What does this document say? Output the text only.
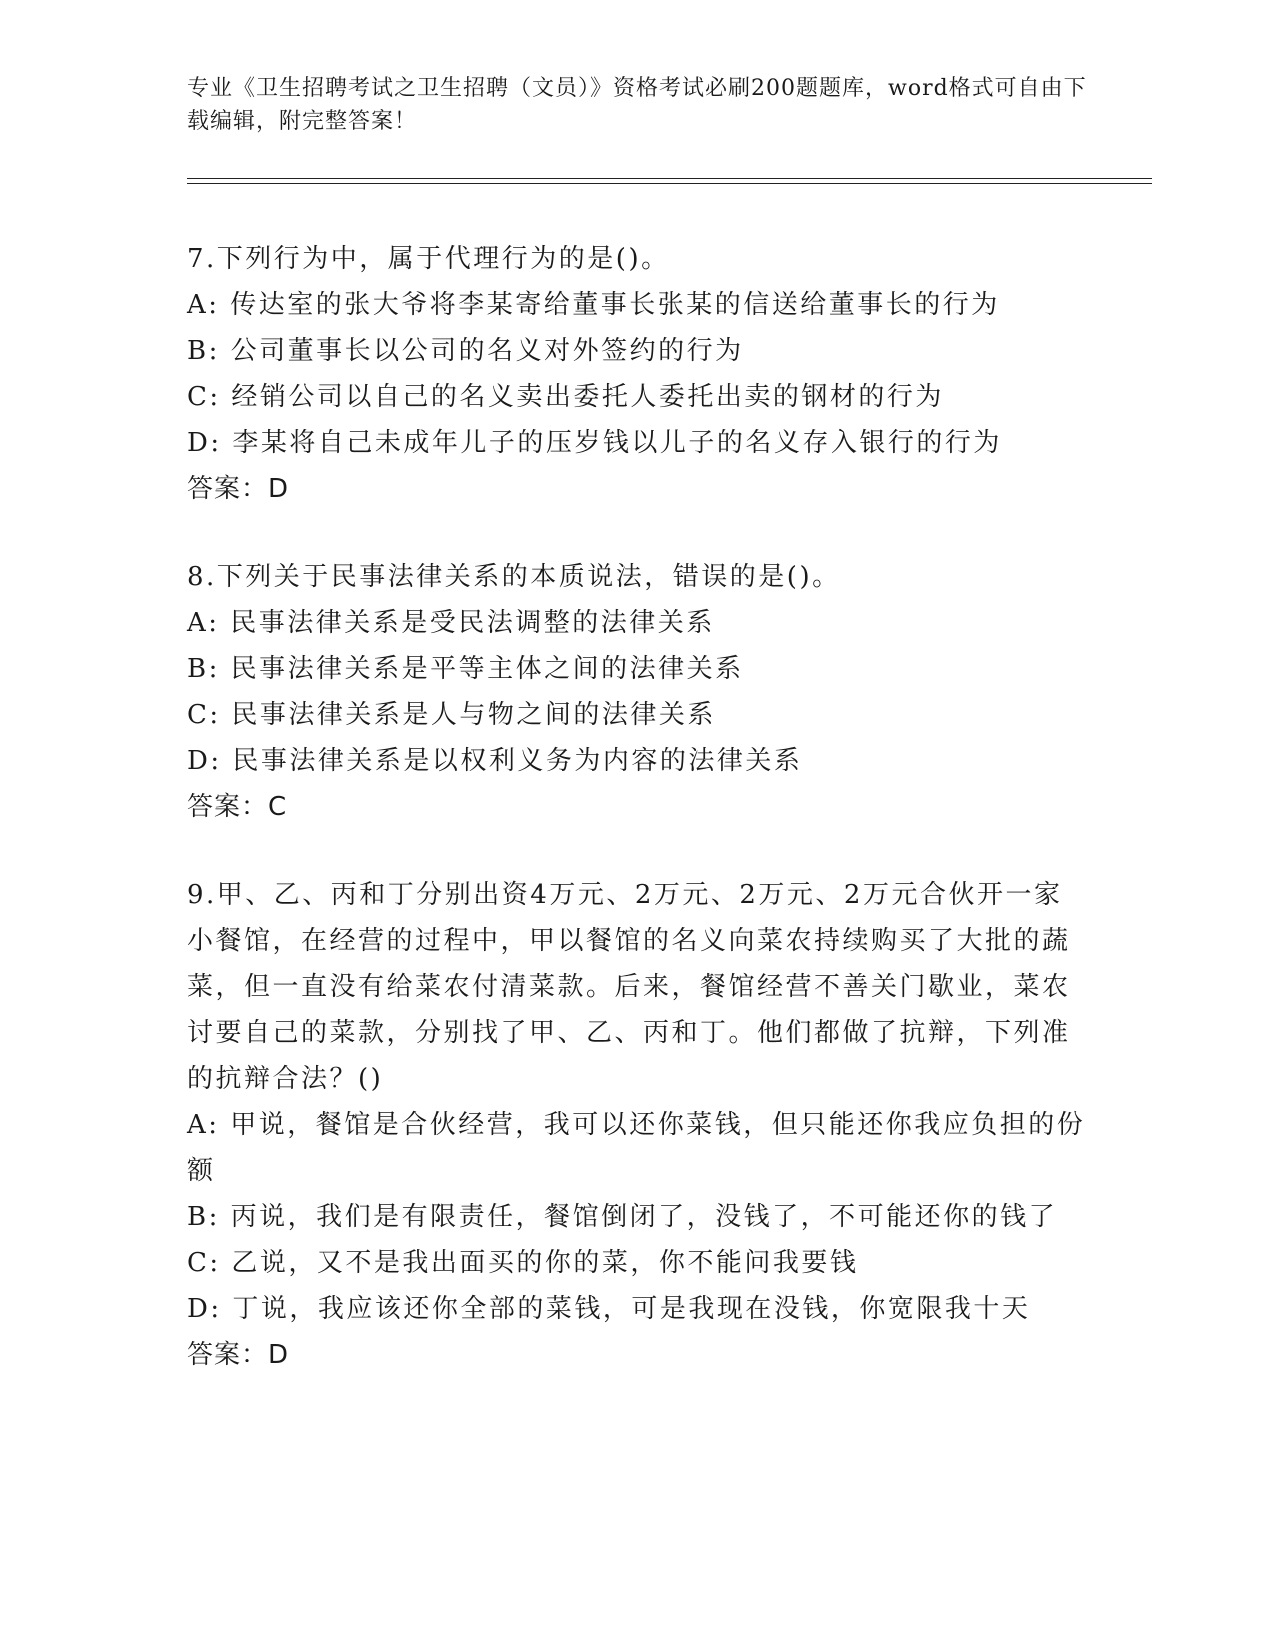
专业《卫生招聘考试之卫生招聘（文员）》资格考试必刷200题题库，word格式可自由下载编辑，附完整答案！
7.下列行为中，属于代理行为的是()。
A: 传达室的张大爷将李某寄给董事长张某的信送给董事长的行为
B: 公司董事长以公司的名义对外签约的行为
C: 经销公司以自己的名义卖出委托人委托出卖的钢材的行为
D: 李某将自己未成年儿子的压岁钱以儿子的名义存入银行的行为
答案：D
8.下列关于民事法律关系的本质说法，错误的是()。
A: 民事法律关系是受民法调整的法律关系
B: 民事法律关系是平等主体之间的法律关系
C: 民事法律关系是人与物之间的法律关系
D: 民事法律关系是以权利义务为内容的法律关系
答案：C
9.甲、乙、丙和丁分别出资4万元、2万元、2万元、2万元合伙开一家小餐馆，在经营的过程中，甲以餐馆的名义向菜农持续购买了大批的蔬菜，但一直没有给菜农付清菜款。后来，餐馆经营不善关门歇业，菜农讨要自己的菜款，分别找了甲、乙、丙和丁。他们都做了抗辩，下列准的抗辩合法？()
A: 甲说，餐馆是合伙经营，我可以还你菜钱，但只能还你我应负担的份额
B: 丙说，我们是有限责任，餐馆倒闭了，没钱了，不可能还你的钱了
C: 乙说，又不是我出面买的你的菜，你不能问我要钱
D: 丁说，我应该还你全部的菜钱，可是我现在没钱，你宽限我十天
答案：D
